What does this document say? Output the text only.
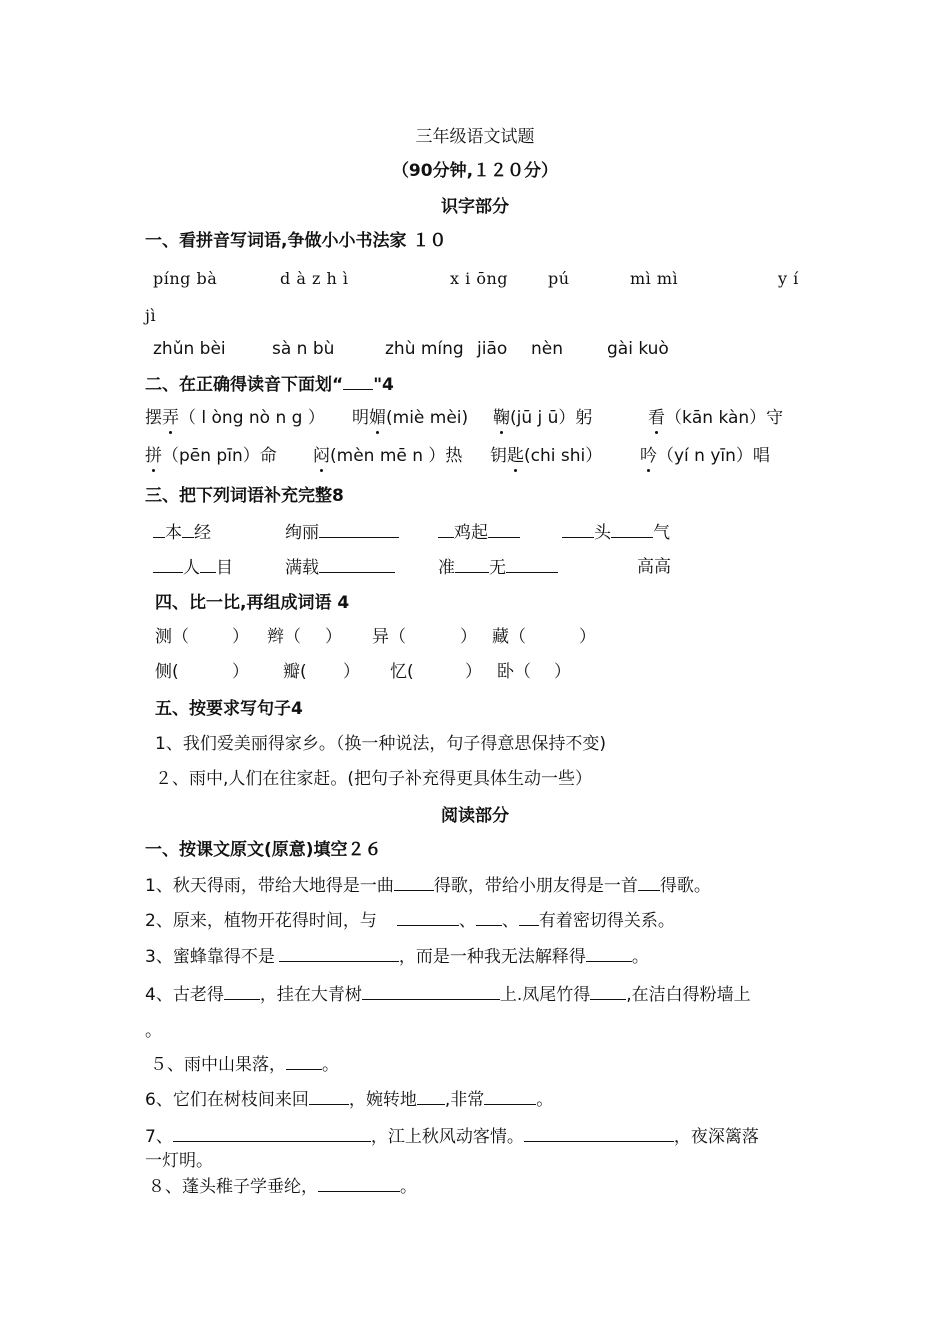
三年级语文试题
（90分钟,１２０分）
识字部分
一、看拼音写词语,争做小小书法家 １０
píng bà	d à z h ì	x i ōng	pú	mì mì	y í
jì
zhǔn bèi	sà n bù	zhù míng jiāo nèn	gài kuò
二、在正确得读音下面划“ "4
摆弄（ l òng nò n g ） 明媚(miè mèi) 鞠(jū j ū）躬	看（kān kàn）守
拼（pēn pīn）命 闷(mèn mē n ）热 钥匙(chi shi） 吟（yí n yīn）唱
三、把下列词语补充完整8
本 经	绚丽	鸡起	头 气
人 目	满载	准 无	高高
四、比一比,再组成词语 4
测（	） 辫（ ） 异（	） 藏（	）
侧(	） 瓣( ） 忆(	） 卧（ ）
五、按要求写句子4
1、我们爱美丽得家乡。（换一种说法，句子得意思保持不变)
２、雨中,人们在往家赶。(把句子补充得更具体生动一些）
阅读部分
一、按课文原文(原意)填空２６
1、秋天得雨，带给大地得是一曲 得歌，带给小朋友得是一首 得歌。
2、原来，植物开花得时间，与	、 、 有着密切得关系。
3、蜜蜂靠得不是	，而是一种我无法解释得	。
4、古老得 ，挂在大青树	上.凤尾竹得 ,在洁白得粉墙上
。
５、雨中山果落， 。
6、它们在树枝间来回 ，婉转地 ,非常	。
7、	，江上秋风动客情。	，夜深篱落
一灯明。
８、蓬头稚子学垂纶，	。
